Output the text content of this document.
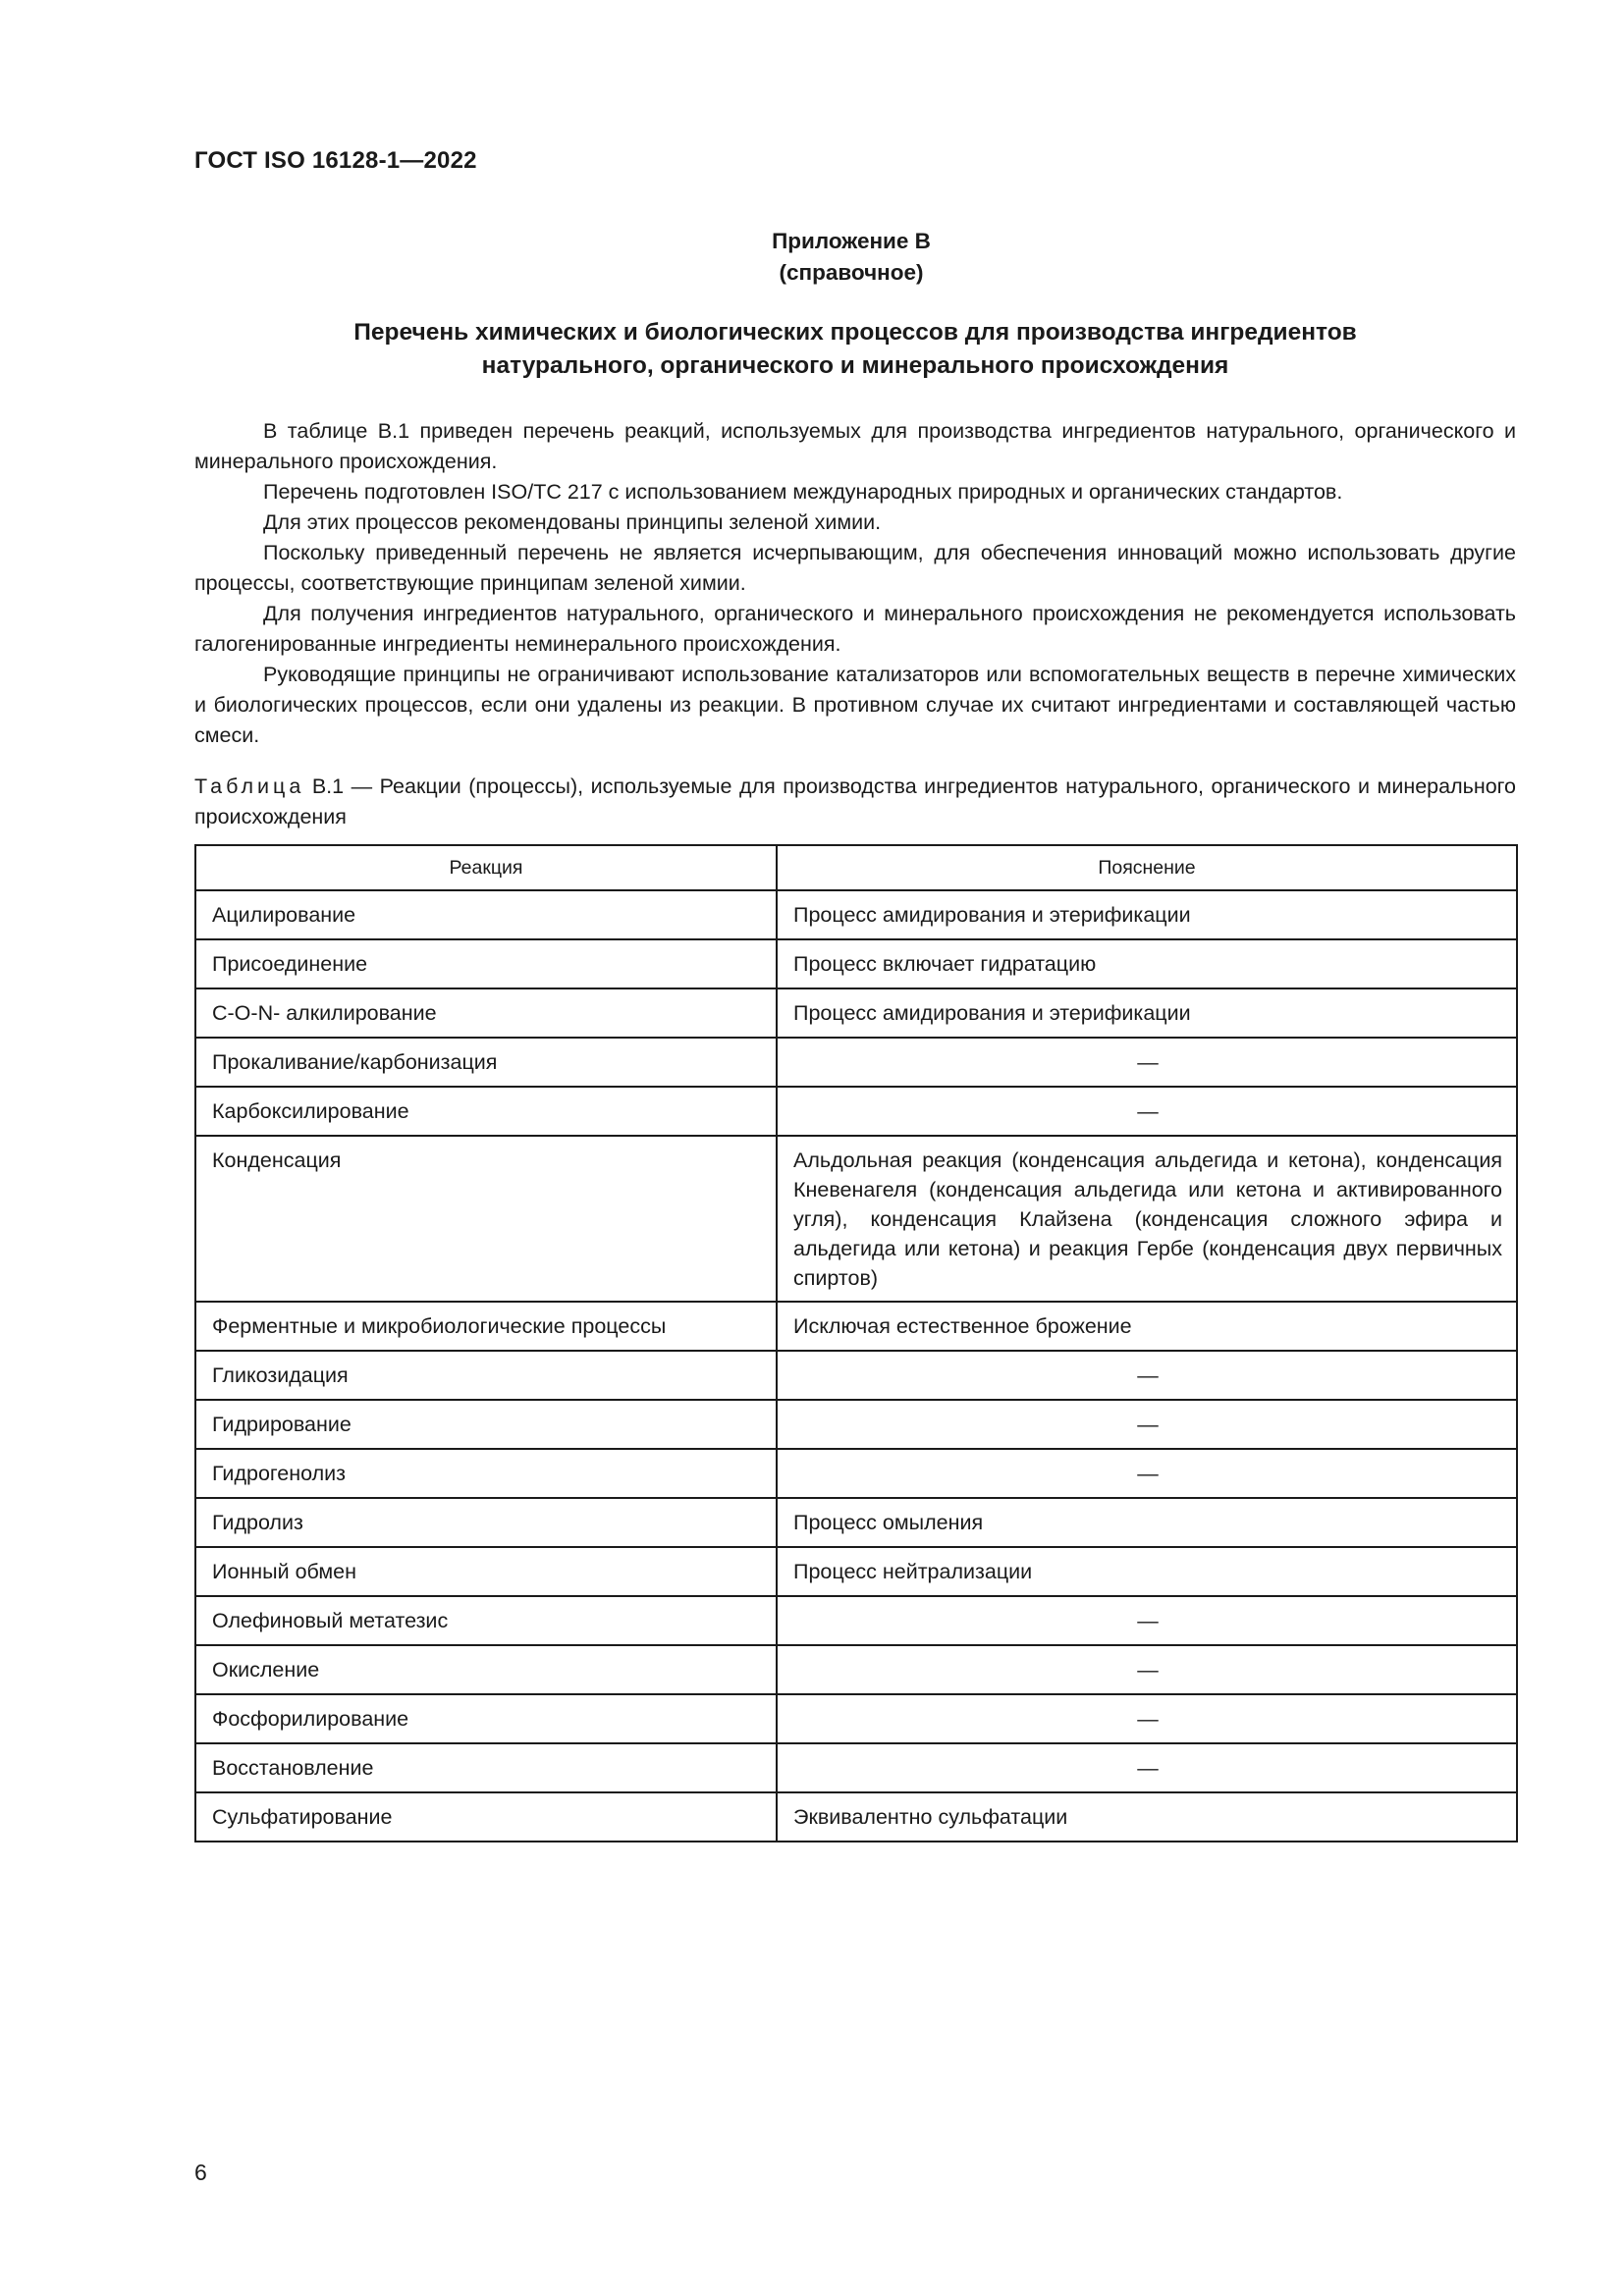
ГОСТ ISO 16128-1—2022
Приложение В
(справочное)
Перечень химических и биологических процессов для производства ингредиентов
натурального, органического и минерального происхождения

В таблице В.1 приведен перечень реакций, используемых для производства ингредиентов натурального, органического и минерального происхождения.

Перечень подготовлен ISO/TC 217 с использованием международных природных и органических стандартов.

Для этих процессов рекомендованы принципы зеленой химии.

Поскольку приведенный перечень не является исчерпывающим, для обеспечения инноваций можно использовать другие процессы, соответствующие принципам зеленой химии.

Для получения ингредиентов натурального, органического и минерального происхождения не рекомендуется использовать галогенированные ингредиенты неминерального происхождения.

Руководящие принципы не ограничивают использование катализаторов или вспомогательных веществ в перечне химических и биологических процессов, если они удалены из реакции. В противном случае их считают ингредиентами и составляющей частью смеси.

Таблица В.1 — Реакции (процессы), используемые для производства ингредиентов натурального, органического и минерального происхождения
Реакция	Пояснение
Ацилирование	Процесс амидирования и этерификации
Присоединение	Процесс включает гидратацию
С-О-N- алкилирование	Процесс амидирования и этерификации
Прокаливание/карбонизация	—
Карбоксилирование	—
Конденсация	Альдольная реакция (конденсация альдегида и кетона), конденсация Кневенагеля (конденсация альдегида или кетона и активированного угля), конденсация Клайзена (конденсация сложного эфира и альдегида или кетона) и реакция Гербе (конденсация двух первичных спиртов)
Ферментные и микробиологические процессы	Исключая естественное брожение
Гликозидация	—
Гидрирование	—
Гидрогенолиз	—
Гидролиз	Процесс омыления
Ионный обмен	Процесс нейтрализации
Олефиновый метатезис	—
Окисление	—
Фосфорилирование	—
Восстановление	—
Сульфатирование	Эквивалентно сульфатации
6
